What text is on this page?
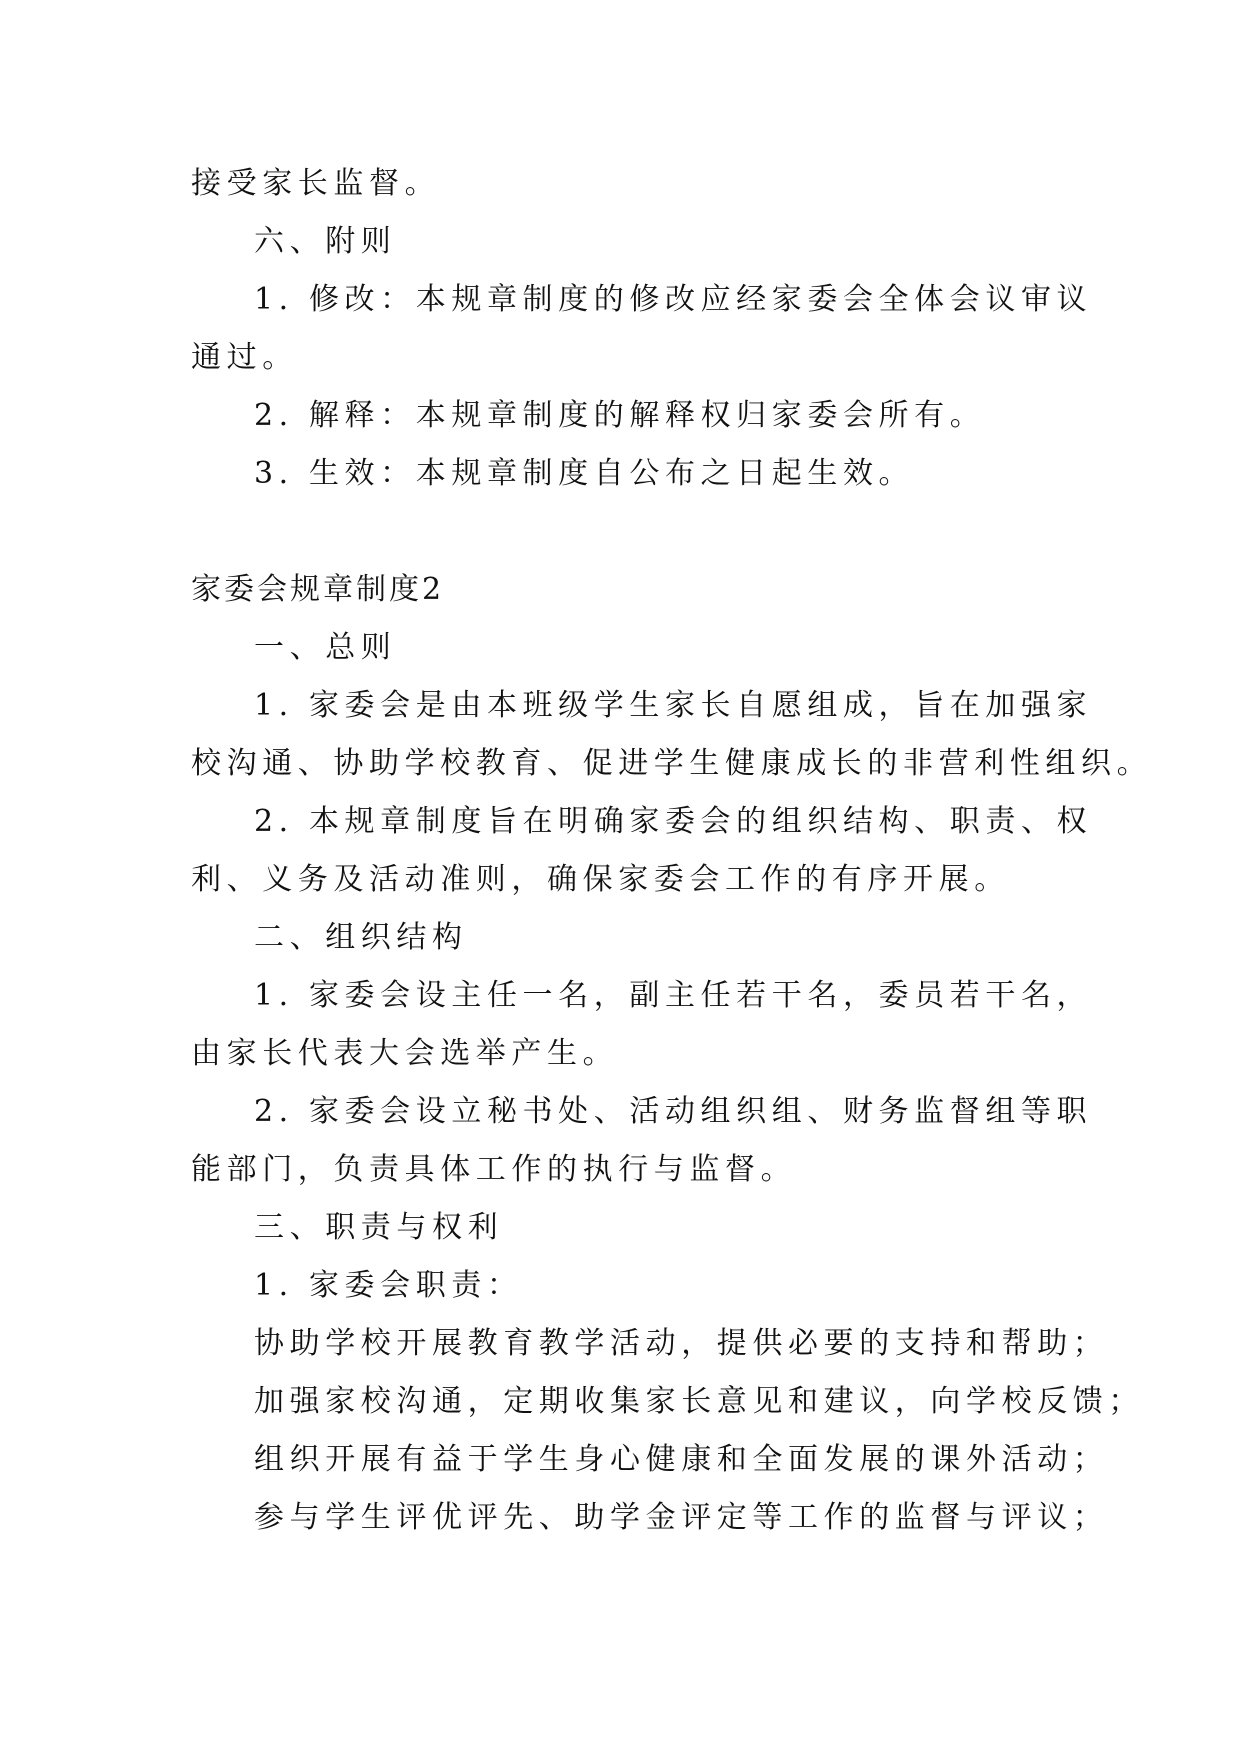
接受家长监督。
六、附则
1. 修改：本规章制度的修改应经家委会全体会议审议
通过。
2. 解释：本规章制度的解释权归家委会所有。
3. 生效：本规章制度自公布之日起生效。
家委会规章制度2
一、总则
1. 家委会是由本班级学生家长自愿组成，旨在加强家
校沟通、协助学校教育、促进学生健康成长的非营利性组织。
2. 本规章制度旨在明确家委会的组织结构、职责、权
利、义务及活动准则，确保家委会工作的有序开展。
二、组织结构
1. 家委会设主任一名，副主任若干名，委员若干名，
由家长代表大会选举产生。
2. 家委会设立秘书处、活动组织组、财务监督组等职
能部门，负责具体工作的执行与监督。
三、职责与权利
1. 家委会职责：
协助学校开展教育教学活动，提供必要的支持和帮助；
加强家校沟通，定期收集家长意见和建议，向学校反馈；
组织开展有益于学生身心健康和全面发展的课外活动；
参与学生评优评先、助学金评定等工作的监督与评议；
